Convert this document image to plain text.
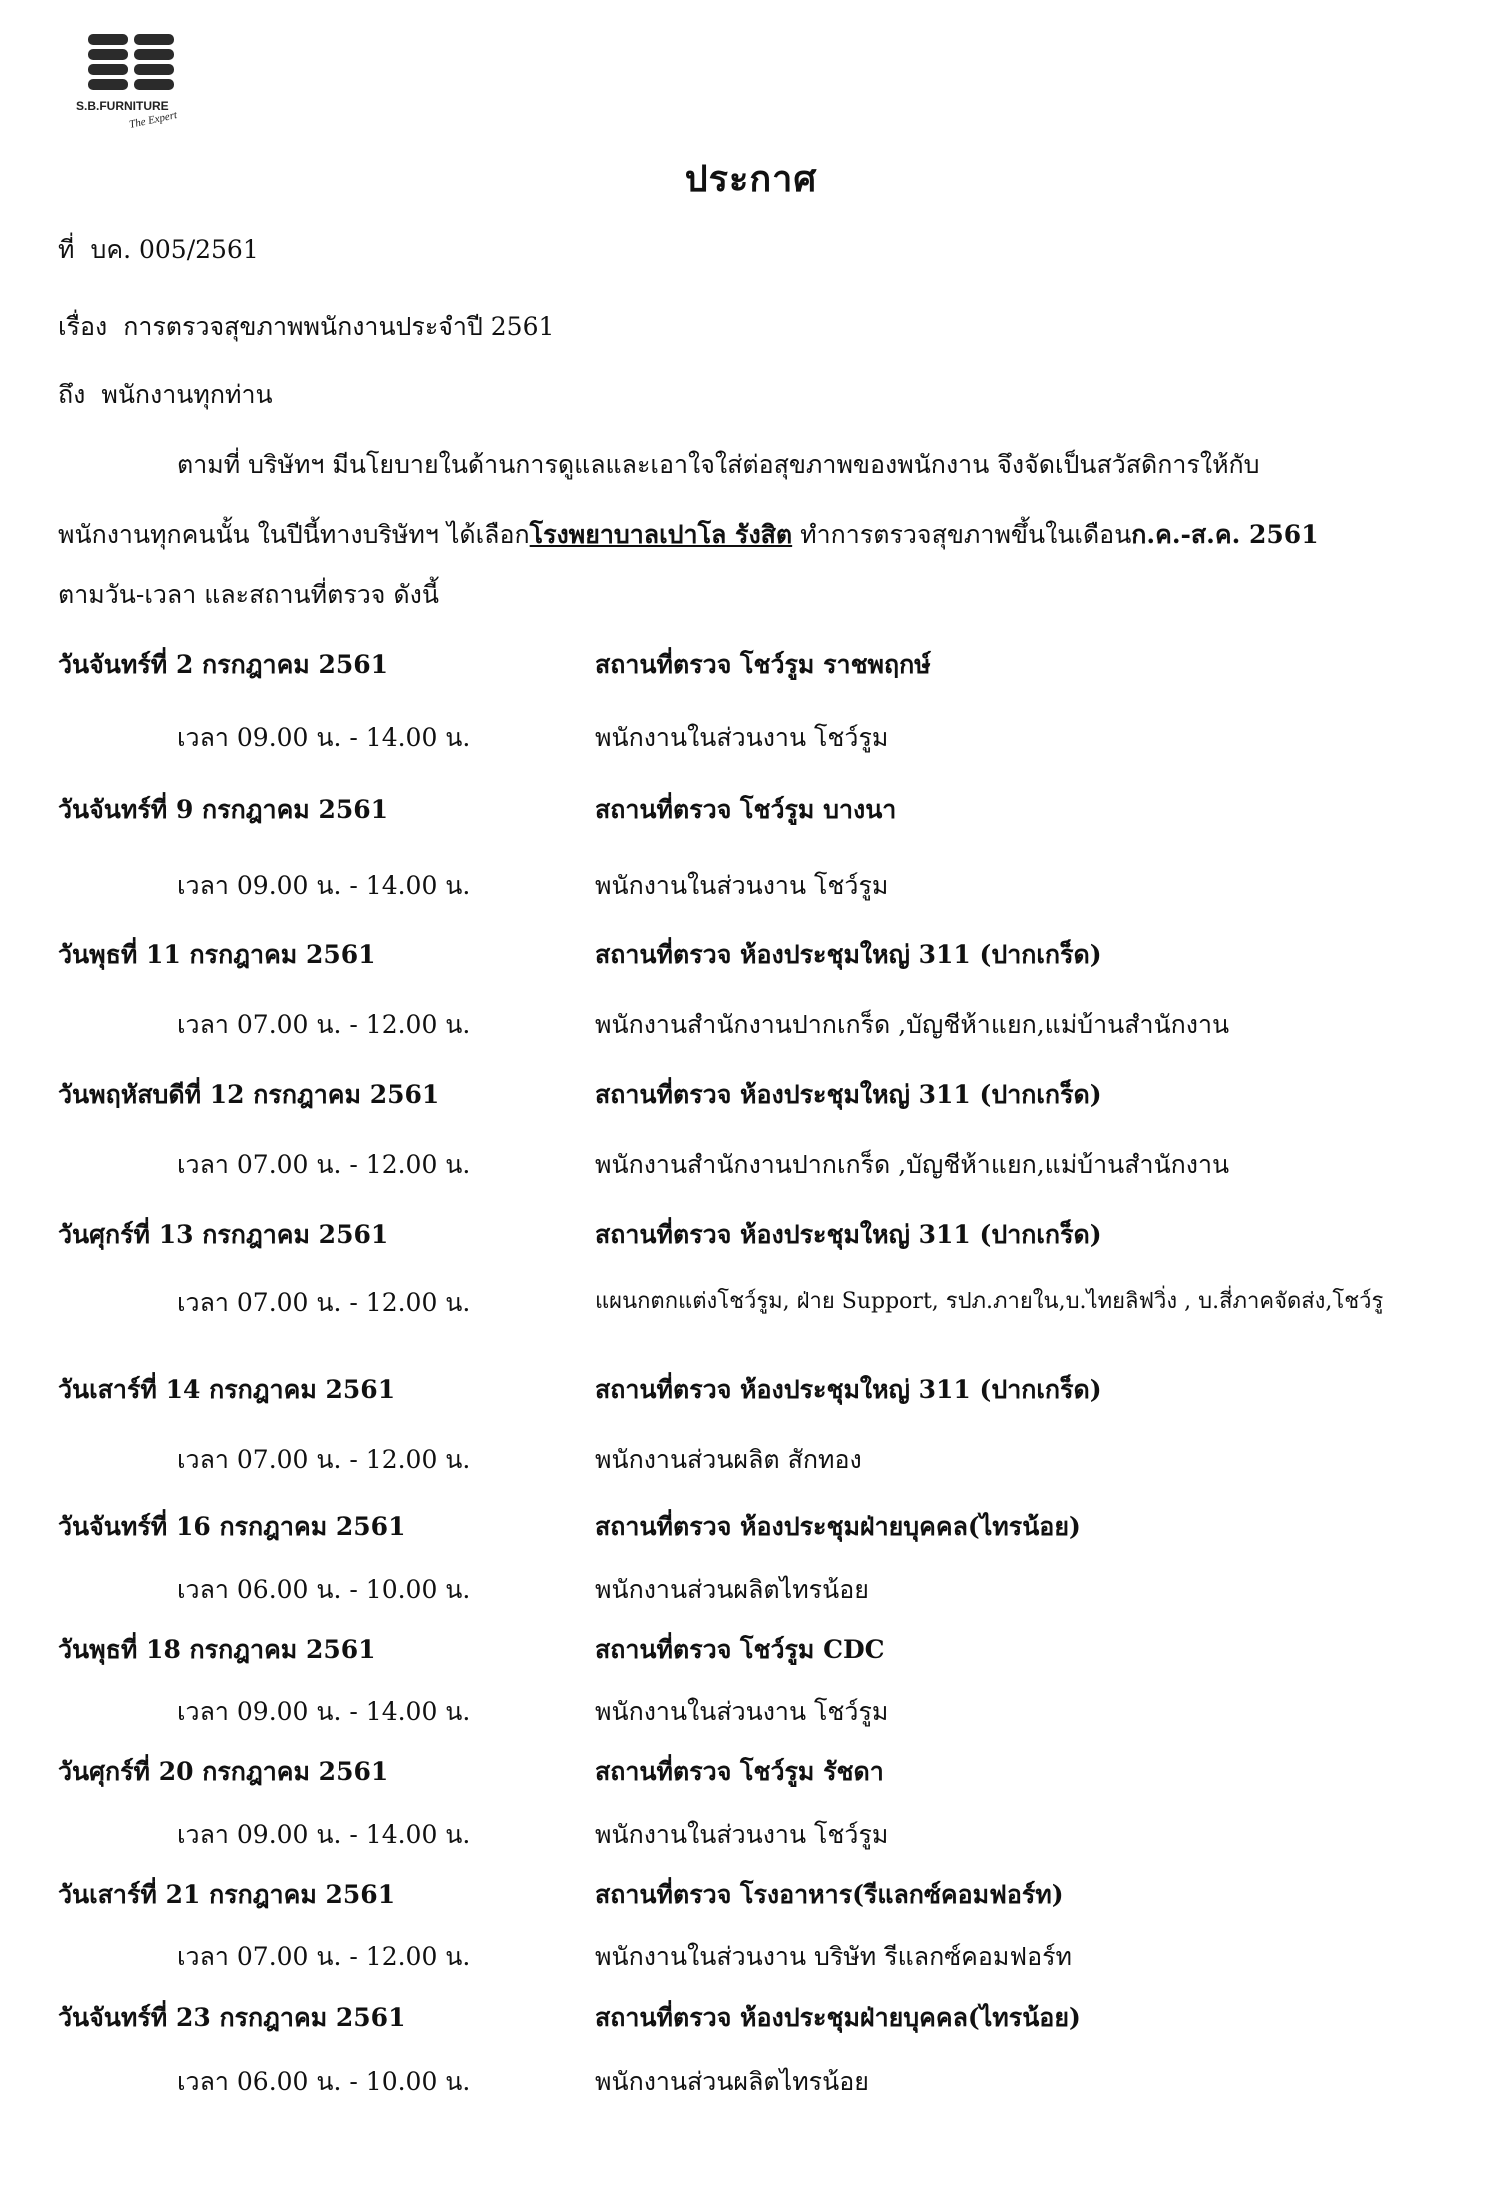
S.B.FURNITURE
The Expert
ประกาศ
ที่ บค. 005/2561
เรื่อง การตรวจสุขภาพพนักงานประจำปี 2561
ถึง พนักงานทุกท่าน
ตามที่ บริษัทฯ มีนโยบายในด้านการดูแลและเอาใจใส่ต่อสุขภาพของพนักงาน จึงจัดเป็นสวัสดิการให้กับ
พนักงานทุกคนนั้น ในปีนี้ทางบริษัทฯ ได้เลือกโรงพยาบาลเปาโล รังสิต ทำการตรวจสุขภาพขึ้นในเดือนก.ค.-ส.ค. 2561
ตามวัน-เวลา และสถานที่ตรวจ ดังนี้
วันจันทร์ที่ 2 กรกฎาคม 2561	สถานที่ตรวจ โชว์รูม ราชพฤกษ์
เวลา 09.00 น. - 14.00 น.	พนักงานในส่วนงาน โชว์รูม
วันจันทร์ที่ 9 กรกฎาคม 2561	สถานที่ตรวจ โชว์รูม บางนา
เวลา 09.00 น. - 14.00 น.	พนักงานในส่วนงาน โชว์รูม
วันพุธที่ 11 กรกฎาคม 2561	สถานที่ตรวจ ห้องประชุมใหญ่ 311 (ปากเกร็ด)
เวลา 07.00 น. - 12.00 น.	พนักงานสำนักงานปากเกร็ด ,บัญชีห้าแยก,แม่บ้านสำนักงาน
วันพฤหัสบดีที่ 12 กรกฎาคม 2561	สถานที่ตรวจ ห้องประชุมใหญ่ 311 (ปากเกร็ด)
เวลา 07.00 น. - 12.00 น.	พนักงานสำนักงานปากเกร็ด ,บัญชีห้าแยก,แม่บ้านสำนักงาน
วันศุกร์ที่ 13 กรกฎาคม 2561	สถานที่ตรวจ ห้องประชุมใหญ่ 311 (ปากเกร็ด)
เวลา 07.00 น. - 12.00 น.	แผนกตกแต่งโชว์รูม, ฝ่าย Support, รปภ.ภายใน,บ.ไทยลิฟวิ่ง , บ.สี่ภาคจัดส่ง,โชว์รู
วันเสาร์ที่ 14 กรกฎาคม 2561	สถานที่ตรวจ ห้องประชุมใหญ่ 311 (ปากเกร็ด)
เวลา 07.00 น. - 12.00 น.	พนักงานส่วนผลิต สักทอง
วันจันทร์ที่ 16 กรกฎาคม 2561	สถานที่ตรวจ ห้องประชุมฝ่ายบุคคล(ไทรน้อย)
เวลา 06.00 น. - 10.00 น.	พนักงานส่วนผลิตไทรน้อย
วันพุธที่ 18 กรกฎาคม 2561	สถานที่ตรวจ โชว์รูม CDC
เวลา 09.00 น. - 14.00 น.	พนักงานในส่วนงาน โชว์รูม
วันศุกร์ที่ 20 กรกฎาคม 2561	สถานที่ตรวจ โชว์รูม รัชดา
เวลา 09.00 น. - 14.00 น.	พนักงานในส่วนงาน โชว์รูม
วันเสาร์ที่ 21 กรกฎาคม 2561	สถานที่ตรวจ โรงอาหาร(รีแลกซ์คอมฟอร์ท)
เวลา 07.00 น. - 12.00 น.	พนักงานในส่วนงาน บริษัท รีแลกซ์คอมฟอร์ท
วันจันทร์ที่ 23 กรกฎาคม 2561	สถานที่ตรวจ ห้องประชุมฝ่ายบุคคล(ไทรน้อย)
เวลา 06.00 น. - 10.00 น.	พนักงานส่วนผลิตไทรน้อย
